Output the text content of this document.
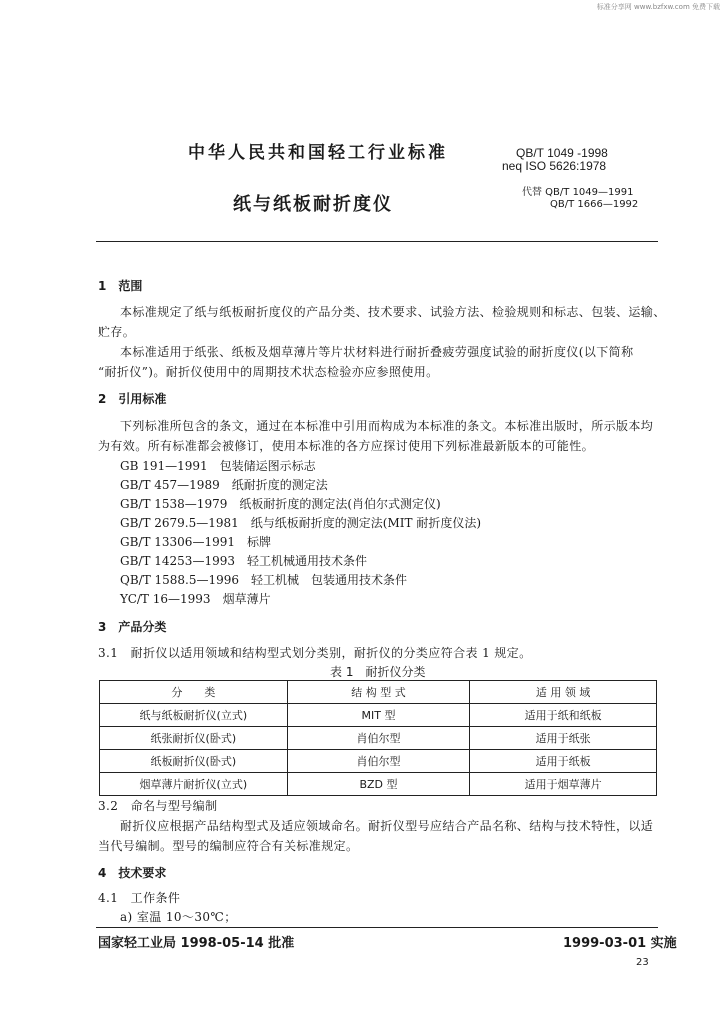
标准分享网 www.bzfxw.com 免费下载
中华人民共和国轻工行业标准	QB/T 1049 -1998
neq ISO 5626:1978
纸与纸板耐折度仪
代替 QB/T 1049—1991
QB/T 1666—1992
1　范围
本标准规定了纸与纸板耐折度仪的产品分类、技术要求、试验方法、检验规则和标志、包装、运输、
贮存。
本标准适用于纸张、纸板及烟草薄片等片状材料进行耐折叠疲劳强度试验的耐折度仪(以下简称
“耐折仪”)。耐折仪使用中的周期技术状态检验亦应参照使用。
2　引用标准
下列标准所包含的条文，通过在本标准中引用而构成为本标准的条文。本标准出版时，所示版本均
为有效。所有标准都会被修订，使用本标准的各方应探讨使用下列标准最新版本的可能性。
GB 191—1991　包装储运图示标志
GB/T 457—1989　纸耐折度的测定法
GB/T 1538—1979　纸板耐折度的测定法(肖伯尔式测定仪)
GB/T 2679.5—1981　纸与纸板耐折度的测定法(MIT 耐折度仪法)
GB/T 13306—1991　标牌
GB/T 14253—1993　轻工机械通用技术条件
QB/T 1588.5—1996　轻工机械　包装通用技术条件
YC/T 16—1993　烟草薄片
3　产品分类
3.1　耐折仪以适用领域和结构型式划分类别，耐折仪的分类应符合表 1 规定。
表 1　耐折仪分类
分　　类	结 构 型 式	适 用 领 域
纸与纸板耐折仪(立式)	MIT 型	适用于纸和纸板
纸张耐折仪(卧式)	肖伯尔型	适用于纸张
纸板耐折仪(卧式)	肖伯尔型	适用于纸板
烟草薄片耐折仪(立式)	BZD 型	适用于烟草薄片
3.2　命名与型号编制
耐折仪应根据产品结构型式及适应领域命名。耐折仪型号应结合产品名称、结构与技术特性，以适
当代号编制。型号的编制应符合有关标准规定。
4　技术要求
4.1　工作条件
a) 室温 10～30℃；
国家轻工业局 1998-05-14 批准	1999-03-01 实施
23
